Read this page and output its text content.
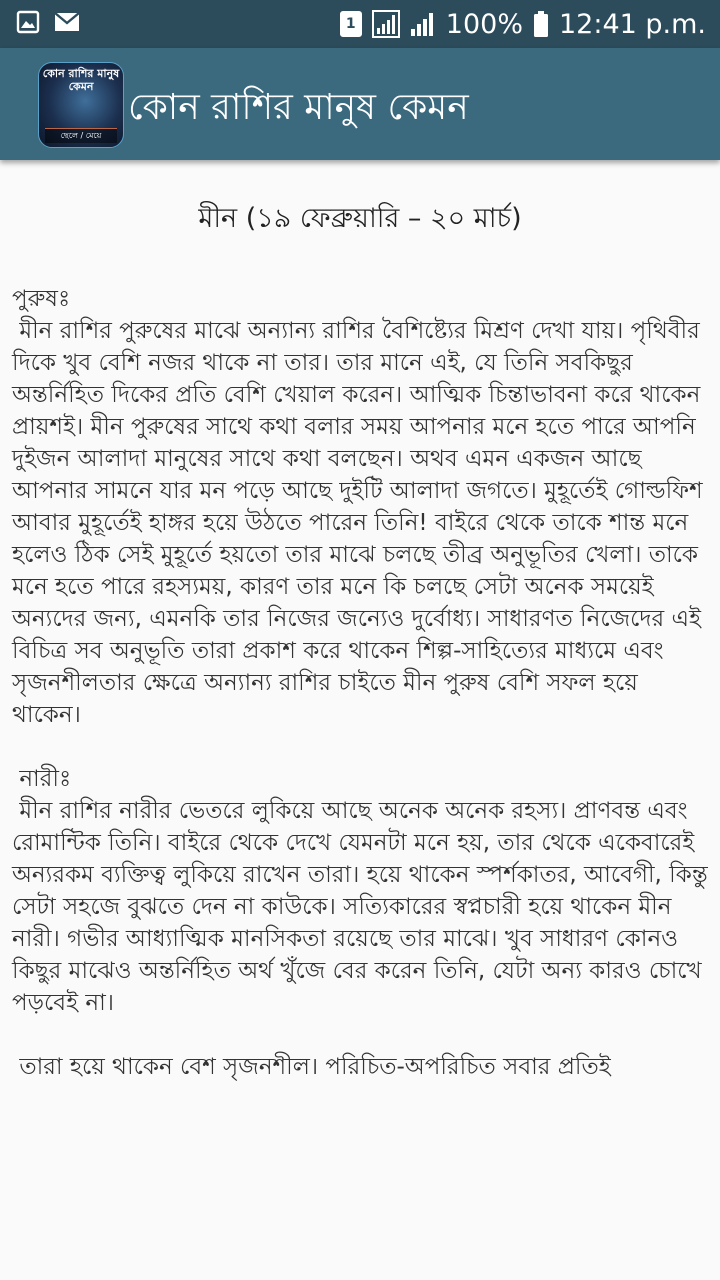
1	100% 12:41 p.m.
কোন রাশির মানুষ কেমন
ছেলে / মেয়ে
কোন রাশির মানুষ কেমন
মীন (১৯ ফেব্রুয়ারি – ২০ মার্চ)
পুরুষঃ
মীন রাশির পুরুষের মাঝে অন্যান্য রাশির বৈশিষ্ট্যের মিশ্রণ দেখা যায়। পৃথিবীর দিকে খুব বেশি নজর থাকে না তার। তার মানে এই, যে তিনি সবকিছুর অন্তর্নিহিত দিকের প্রতি বেশি খেয়াল করেন। আত্মিক চিন্তাভাবনা করে থাকেন প্রায়শই। মীন পুরুষের সাথে কথা বলার সময় আপনার মনে হতে পারে আপনি দুইজন আলাদা মানুষের সাথে কথা বলছেন। অথব এমন একজন আছে আপনার সামনে যার মন পড়ে আছে দুইটি আলাদা জগতে। মুহূর্তেই গোল্ডফিশ আবার মুহূর্তেই হাঙ্গর হয়ে উঠতে পারেন তিনি! বাইরে থেকে তাকে শান্ত মনে হলেও ঠিক সেই মুহূর্তে হয়তো তার মাঝে চলছে তীব্র অনুভূতির খেলা। তাকে মনে হতে পারে রহস্যময়, কারণ তার মনে কি চলছে সেটা অনেক সময়েই অন্যদের জন্য, এমনকি তার নিজের জন্যেও দুর্বোধ্য। সাধারণত নিজেদের এই বিচিত্র সব অনুভূতি তারা প্রকাশ করে থাকেন শিল্প-সাহিত্যের মাধ্যমে এবং সৃজনশীলতার ক্ষেত্রে অন্যান্য রাশির চাইতে মীন পুরুষ বেশি সফল হয়ে থাকেন।

নারীঃ
মীন রাশির নারীর ভেতরে লুকিয়ে আছে অনেক অনেক রহস্য। প্রাণবন্ত এবং রোমান্টিক তিনি। বাইরে থেকে দেখে যেমনটা মনে হয়, তার থেকে একেবারেই অন্যরকম ব্যক্তিত্ব লুকিয়ে রাখেন তারা। হয়ে থাকেন স্পর্শকাতর, আবেগী, কিন্তু সেটা সহজে বুঝতে দেন না কাউকে। সত্যিকারের স্বপ্নচারী হয়ে থাকেন মীন নারী। গভীর আধ্যাত্মিক মানসিকতা রয়েছে তার মাঝে। খুব সাধারণ কোনও কিছুর মাঝেও অন্তর্নিহিত অর্থ খুঁজে বের করেন তিনি, যেটা অন্য কারও চোখে পড়বেই না।

তারা হয়ে থাকেন বেশ সৃজনশীল। পরিচিত-অপরিচিত সবার প্রতিই
